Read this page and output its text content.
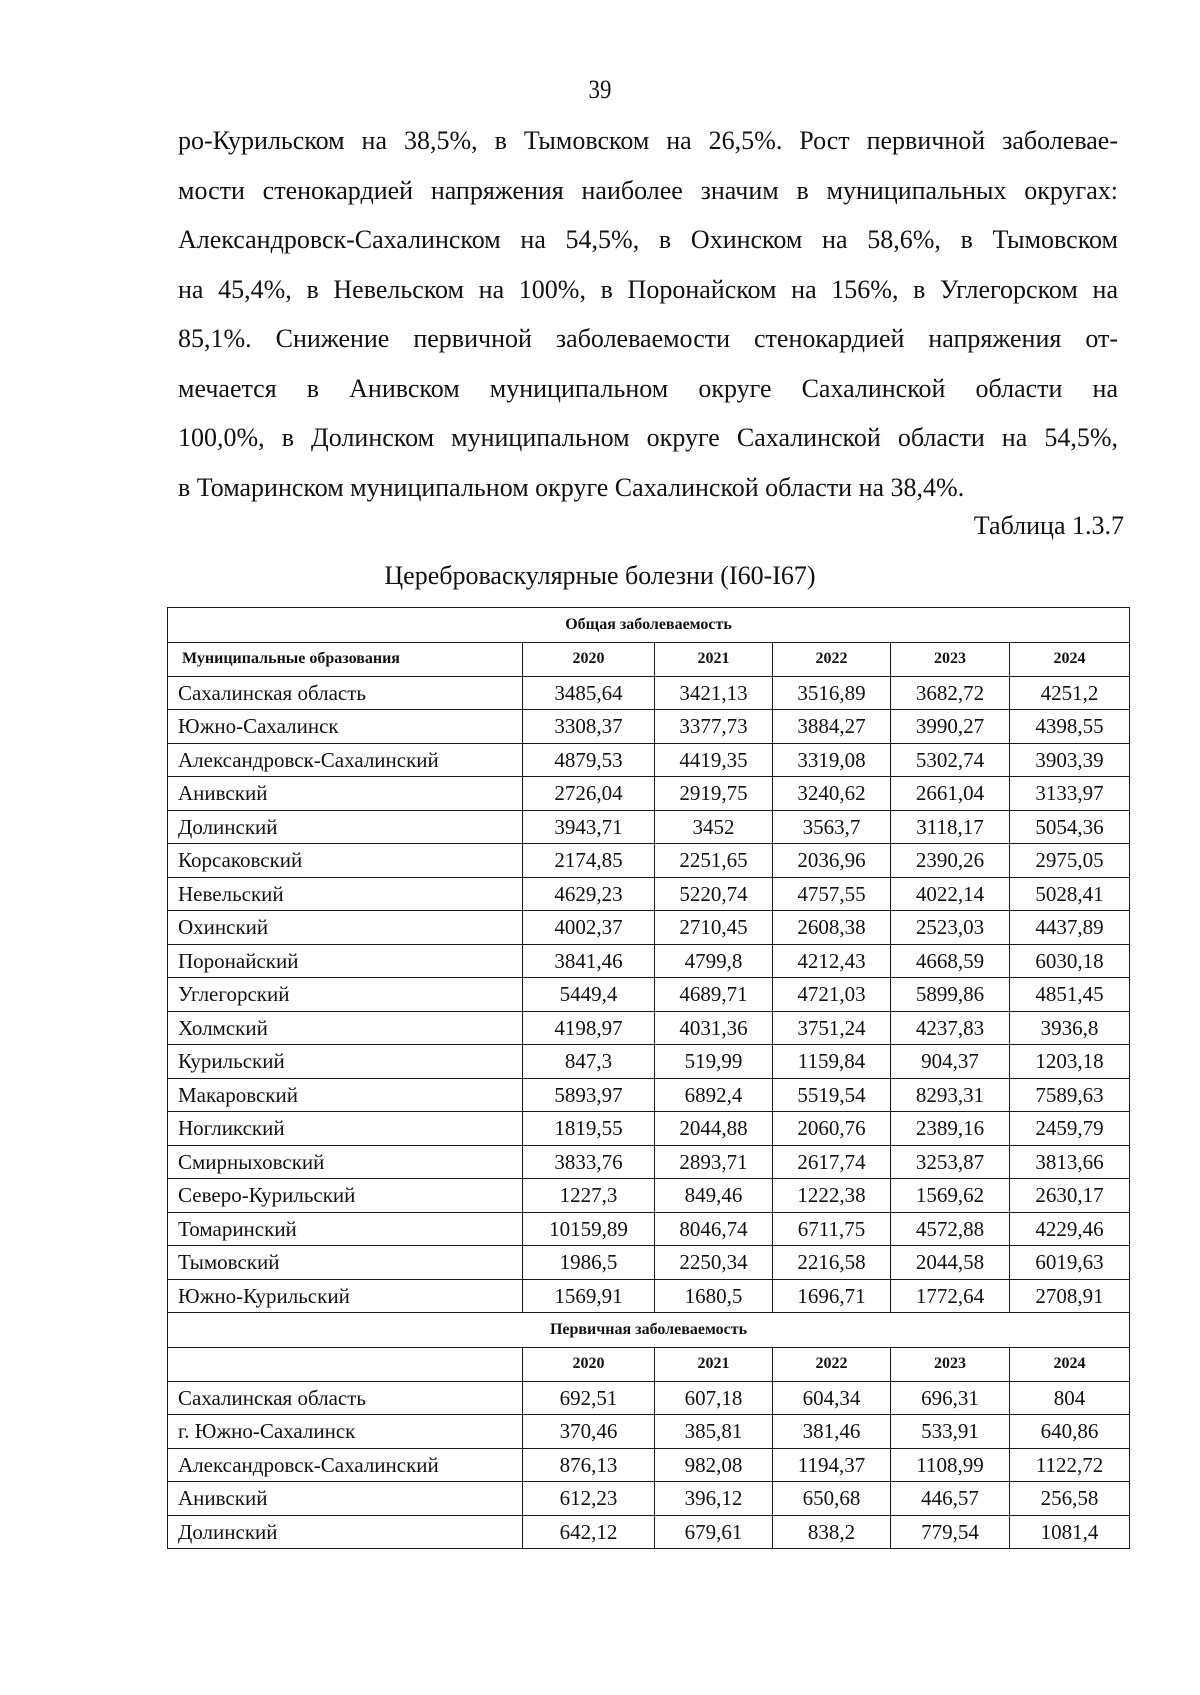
39
ро-Курильском на 38,5%, в Тымовском на 26,5%. Рост первичной заболевае-
мости стенокардией напряжения наиболее значим в муниципальных округах:
Александровск-Сахалинском на 54,5%, в Охинском на 58,6%, в Тымовском
на 45,4%, в Невельском на 100%, в Поронайском на 156%, в Углегорском на
85,1%. Снижение первичной заболеваемости стенокардией напряжения от-
мечается в Анивском муниципальном округе Сахалинской области на
100,0%, в Долинском муниципальном округе Сахалинской области на 54,5%,
в Томаринском муниципальном округе Сахалинской области на 38,4%.
Таблица 1.3.7
Цереброваскулярные болезни (I60-I67)
Общая заболеваемость					
Муниципальные образования	2020	2021	2022	2023	2024
Сахалинская область	3485,64	3421,13	3516,89	3682,72	4251,2
Южно-Сахалинск	3308,37	3377,73	3884,27	3990,27	4398,55
Александровск-Сахалинский	4879,53	4419,35	3319,08	5302,74	3903,39
Анивский	2726,04	2919,75	3240,62	2661,04	3133,97
Долинский	3943,71	3452	3563,7	3118,17	5054,36
Корсаковский	2174,85	2251,65	2036,96	2390,26	2975,05
Невельский	4629,23	5220,74	4757,55	4022,14	5028,41
Охинский	4002,37	2710,45	2608,38	2523,03	4437,89
Поронайский	3841,46	4799,8	4212,43	4668,59	6030,18
Углегорский	5449,4	4689,71	4721,03	5899,86	4851,45
Холмский	4198,97	4031,36	3751,24	4237,83	3936,8
Курильский	847,3	519,99	1159,84	904,37	1203,18
Макаровский	5893,97	6892,4	5519,54	8293,31	7589,63
Ногликский	1819,55	2044,88	2060,76	2389,16	2459,79
Смирныховский	3833,76	2893,71	2617,74	3253,87	3813,66
Северо-Курильский	1227,3	849,46	1222,38	1569,62	2630,17
Томаринский	10159,89	8046,74	6711,75	4572,88	4229,46
Тымовский	1986,5	2250,34	2216,58	2044,58	6019,63
Южно-Курильский	1569,91	1680,5	1696,71	1772,64	2708,91
Первичная заболеваемость					
	2020	2021	2022	2023	2024
Сахалинская область	692,51	607,18	604,34	696,31	804
г. Южно-Сахалинск	370,46	385,81	381,46	533,91	640,86
Александровск-Сахалинский	876,13	982,08	1194,37	1108,99	1122,72
Анивский	612,23	396,12	650,68	446,57	256,58
Долинский	642,12	679,61	838,2	779,54	1081,4
